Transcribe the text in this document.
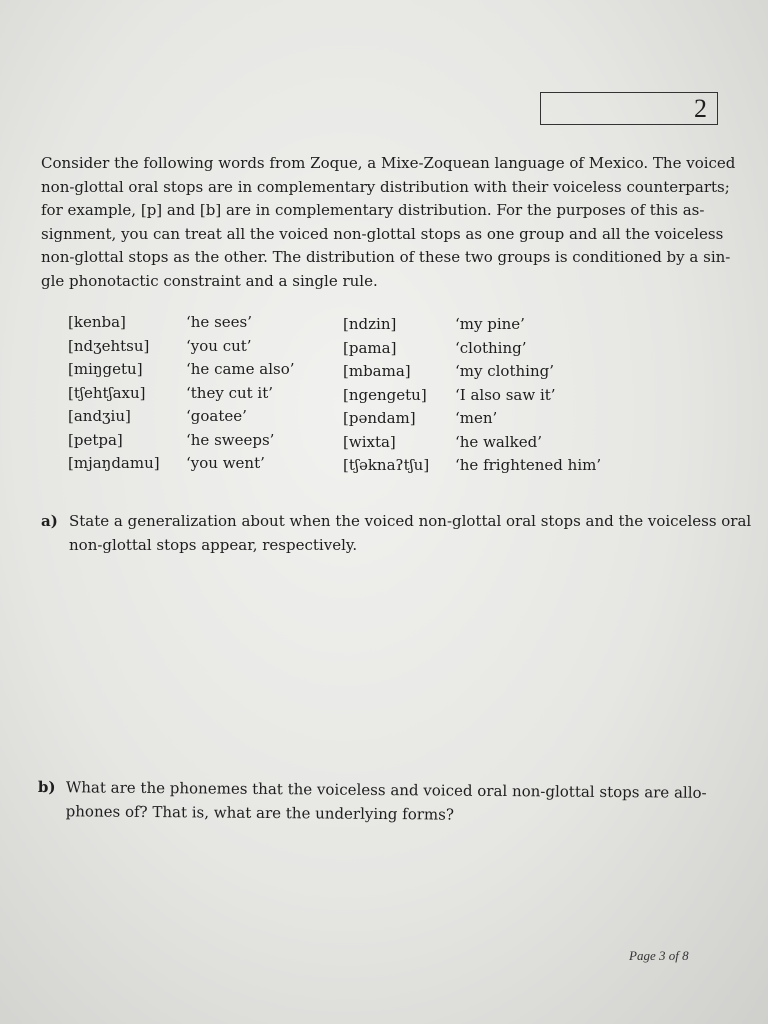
2

Consider the following words from Zoque, a Mixe-Zoquean language of Mexico. The voiced
non-glottal oral stops are in complementary distribution with their voiceless counterparts;
for example, [p] and [b] are in complementary distribution. For the purposes of this as-
signment, you can treat all the voiced non-glottal stops as one group and all the voiceless
non-glottal stops as the other. The distribution of these two groups is conditioned by a sin-
gle phonotactic constraint and a single rule.

[kenba]
[ndʒehtsu]
[miŋgetu]
[tʃehtʃaxu]
[andʒiu]
[petpa]
[mjaŋdamu]
‘he sees’
‘you cut’
‘he came also’
‘they cut it’
‘goatee’
‘he sweeps’
‘you went’
[ndzin]
[pama]
[mbama]
[ngengetu]
[pəndam]
[wixta]
[tʃəknaʔtʃu]
‘my pine’
‘clothing’
‘my clothing’
‘I also saw it’
‘men’
‘he walked’
‘he frightened him’
a) State a generalization about when the voiced non-glottal oral stops and the voiceless oral
non-glottal stops appear, respectively.
b) What are the phonemes that the voiceless and voiced oral non-glottal stops are allo-
phones of? That is, what are the underlying forms?
Page 3 of 8
